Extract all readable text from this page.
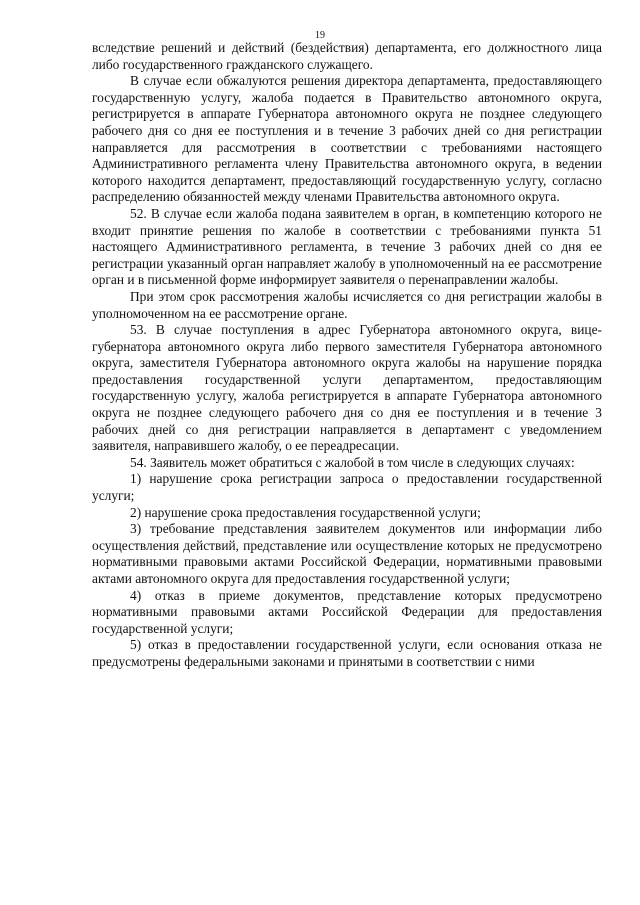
19

вследствие решений и действий (бездействия) департамента, его должностного лица либо государственного гражданского служащего.

В случае если обжалуются решения директора департамента, предоставляющего государственную услугу, жалоба подается в Правительство автономного округа, регистрируется в аппарате Губернатора автономного округа не позднее следующего рабочего дня со дня ее поступления и в течение 3 рабочих дней со дня регистрации направляется для рассмотрения в соответствии с требованиями настоящего Административного регламента члену Правительства автономного округа, в ведении которого находится департамент, предоставляющий государственную услугу, согласно распределению обязанностей между членами Правительства автономного округа.

52. В случае если жалоба подана заявителем в орган, в компетенцию которого не входит принятие решения по жалобе в соответствии с требованиями пункта 51 настоящего Административного регламента, в течение 3 рабочих дней со дня ее регистрации указанный орган направляет жалобу в уполномоченный на ее рассмотрение орган и в письменной форме информирует заявителя о перенаправлении жалобы.

При этом срок рассмотрения жалобы исчисляется со дня регистрации жалобы в уполномоченном на ее рассмотрение органе.

53. В случае поступления в адрес Губернатора автономного округа, вице-губернатора автономного округа либо первого заместителя Губернатора автономного округа, заместителя Губернатора автономного округа жалобы на нарушение порядка предоставления государственной услуги департаментом, предоставляющим государственную услугу, жалоба регистрируется в аппарате Губернатора автономного округа не позднее следующего рабочего дня со дня ее поступления и в течение 3 рабочих дней со дня регистрации направляется в департамент с уведомлением заявителя, направившего жалобу, о ее переадресации.

54. Заявитель может обратиться с жалобой в том числе в следующих случаях:

1) нарушение срока регистрации запроса о предоставлении государственной услуги;

2) нарушение срока предоставления государственной услуги;

3) требование представления заявителем документов или информации либо осуществления действий, представление или осуществление которых не предусмотрено нормативными правовыми актами Российской Федерации, нормативными правовыми актами автономного округа для предоставления государственной услуги;

4) отказ в приеме документов, представление которых предусмотрено нормативными правовыми актами Российской Федерации для предоставления государственной услуги;

5) отказ в предоставлении государственной услуги, если основания отказа не предусмотрены федеральными законами и принятыми в соответствии с ними
